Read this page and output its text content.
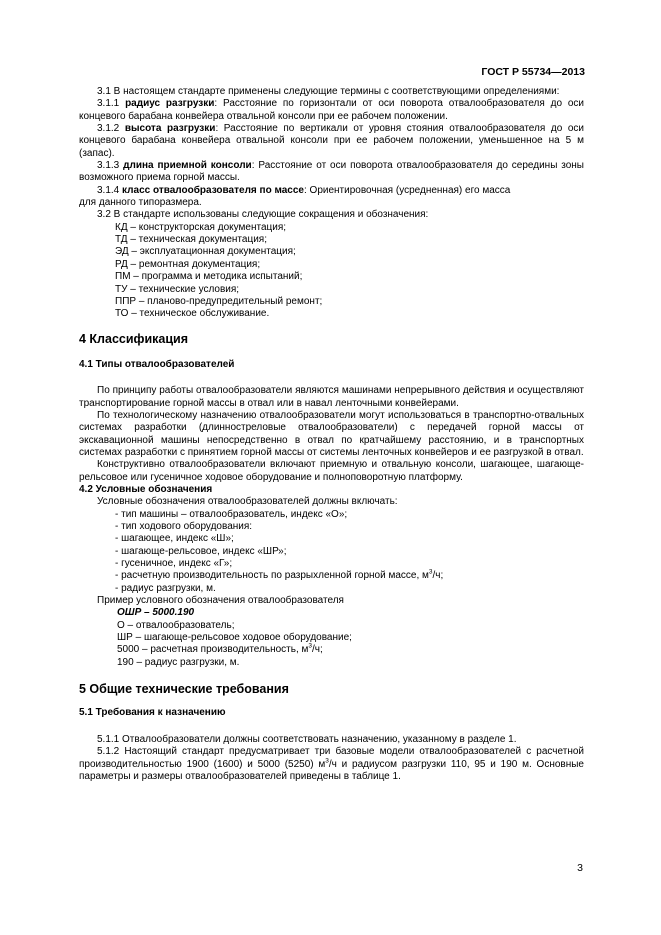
ГОСТ Р 55734—2013

3.1 В настоящем стандарте применены следующие термины с соответствующими определениями:

3.1.1 радиус разгрузки: Расстояние по горизонтали от оси поворота отвалообразователя до оси концевого барабана конвейера отвальной консоли при ее рабочем положении.

3.1.2 высота разгрузки: Расстояние по вертикали от уровня стояния отвалообразователя до оси концевого барабана конвейера отвальной консоли при ее рабочем положении, уменьшенное на 5 м (запас).

3.1.3 длина приемной консоли: Расстояние от оси поворота отвалообразователя до середины зоны возможного приема горной массы.

3.1.4 класс отвалообразователя по массе: Ориентировочная (усредненная) его масса для данного типоразмера.

3.2 В стандарте использованы следующие сокращения и обозначения:

КД – конструкторская документация;

ТД – техническая документация;

ЭД – эксплуатационная документация;

РД – ремонтная документация;

ПМ – программа и методика испытаний;

ТУ – технические условия;

ППР – планово-предупредительный ремонт;

ТО – техническое обслуживание.

4 Классификация

4.1 Типы отвалообразователей

По принципу работы отвалообразователи являются машинами непрерывного действия и осуществляют транспортирование горной массы в отвал или в навал ленточными конвейерами.

По технологическому назначению отвалообразователи могут использоваться в транспортно-отвальных системах разработки (длинностреловые отвалообразователи) с передачей горной массы от экскавационной машины непосредственно в отвал по кратчайшему расстоянию, и в транспортных системах разработки с принятием горной массы от системы ленточных конвейеров и ее разгрузкой в отвал.

Конструктивно отвалообразователи включают приемную и отвальную консоли, шагающее, шагающе-рельсовое или гусеничное ходовое оборудование и полноповоротную платформу.

4.2 Условные обозначения

Условные обозначения отвалообразователей должны включать:

- тип машины – отвалообразователь, индекс «О»;

- тип ходового оборудования:

- шагающее, индекс «Ш»;

- шагающе-рельсовое, индекс «ШР»;

- гусеничное, индекс «Г»;

- расчетную производительность по разрыхленной горной массе, $м^3/ч$;

- радиус разгрузки, м.

Пример условного обозначения отвалообразователя

ОШР – 5000.190

О – отвалообразователь;

ШР – шагающе-рельсовое ходовое оборудование;

5000 – расчетная производительность, $м^3/ч$;

190 – радиус разгрузки, м.

5 Общие технические требования

5.1 Требования к назначению

5.1.1 Отвалообразователи должны соответствовать назначению, указанному в разделе 1.

5.1.2 Настоящий стандарт предусматривает три базовые модели отвалообразователей с расчетной производительностью 1900 (1600) и 5000 (5250) $м^3/ч$ и радиусом разгрузки 110, 95 и 190 м. Основные параметры и размеры отвалообразователей приведены в таблице 1.

3
